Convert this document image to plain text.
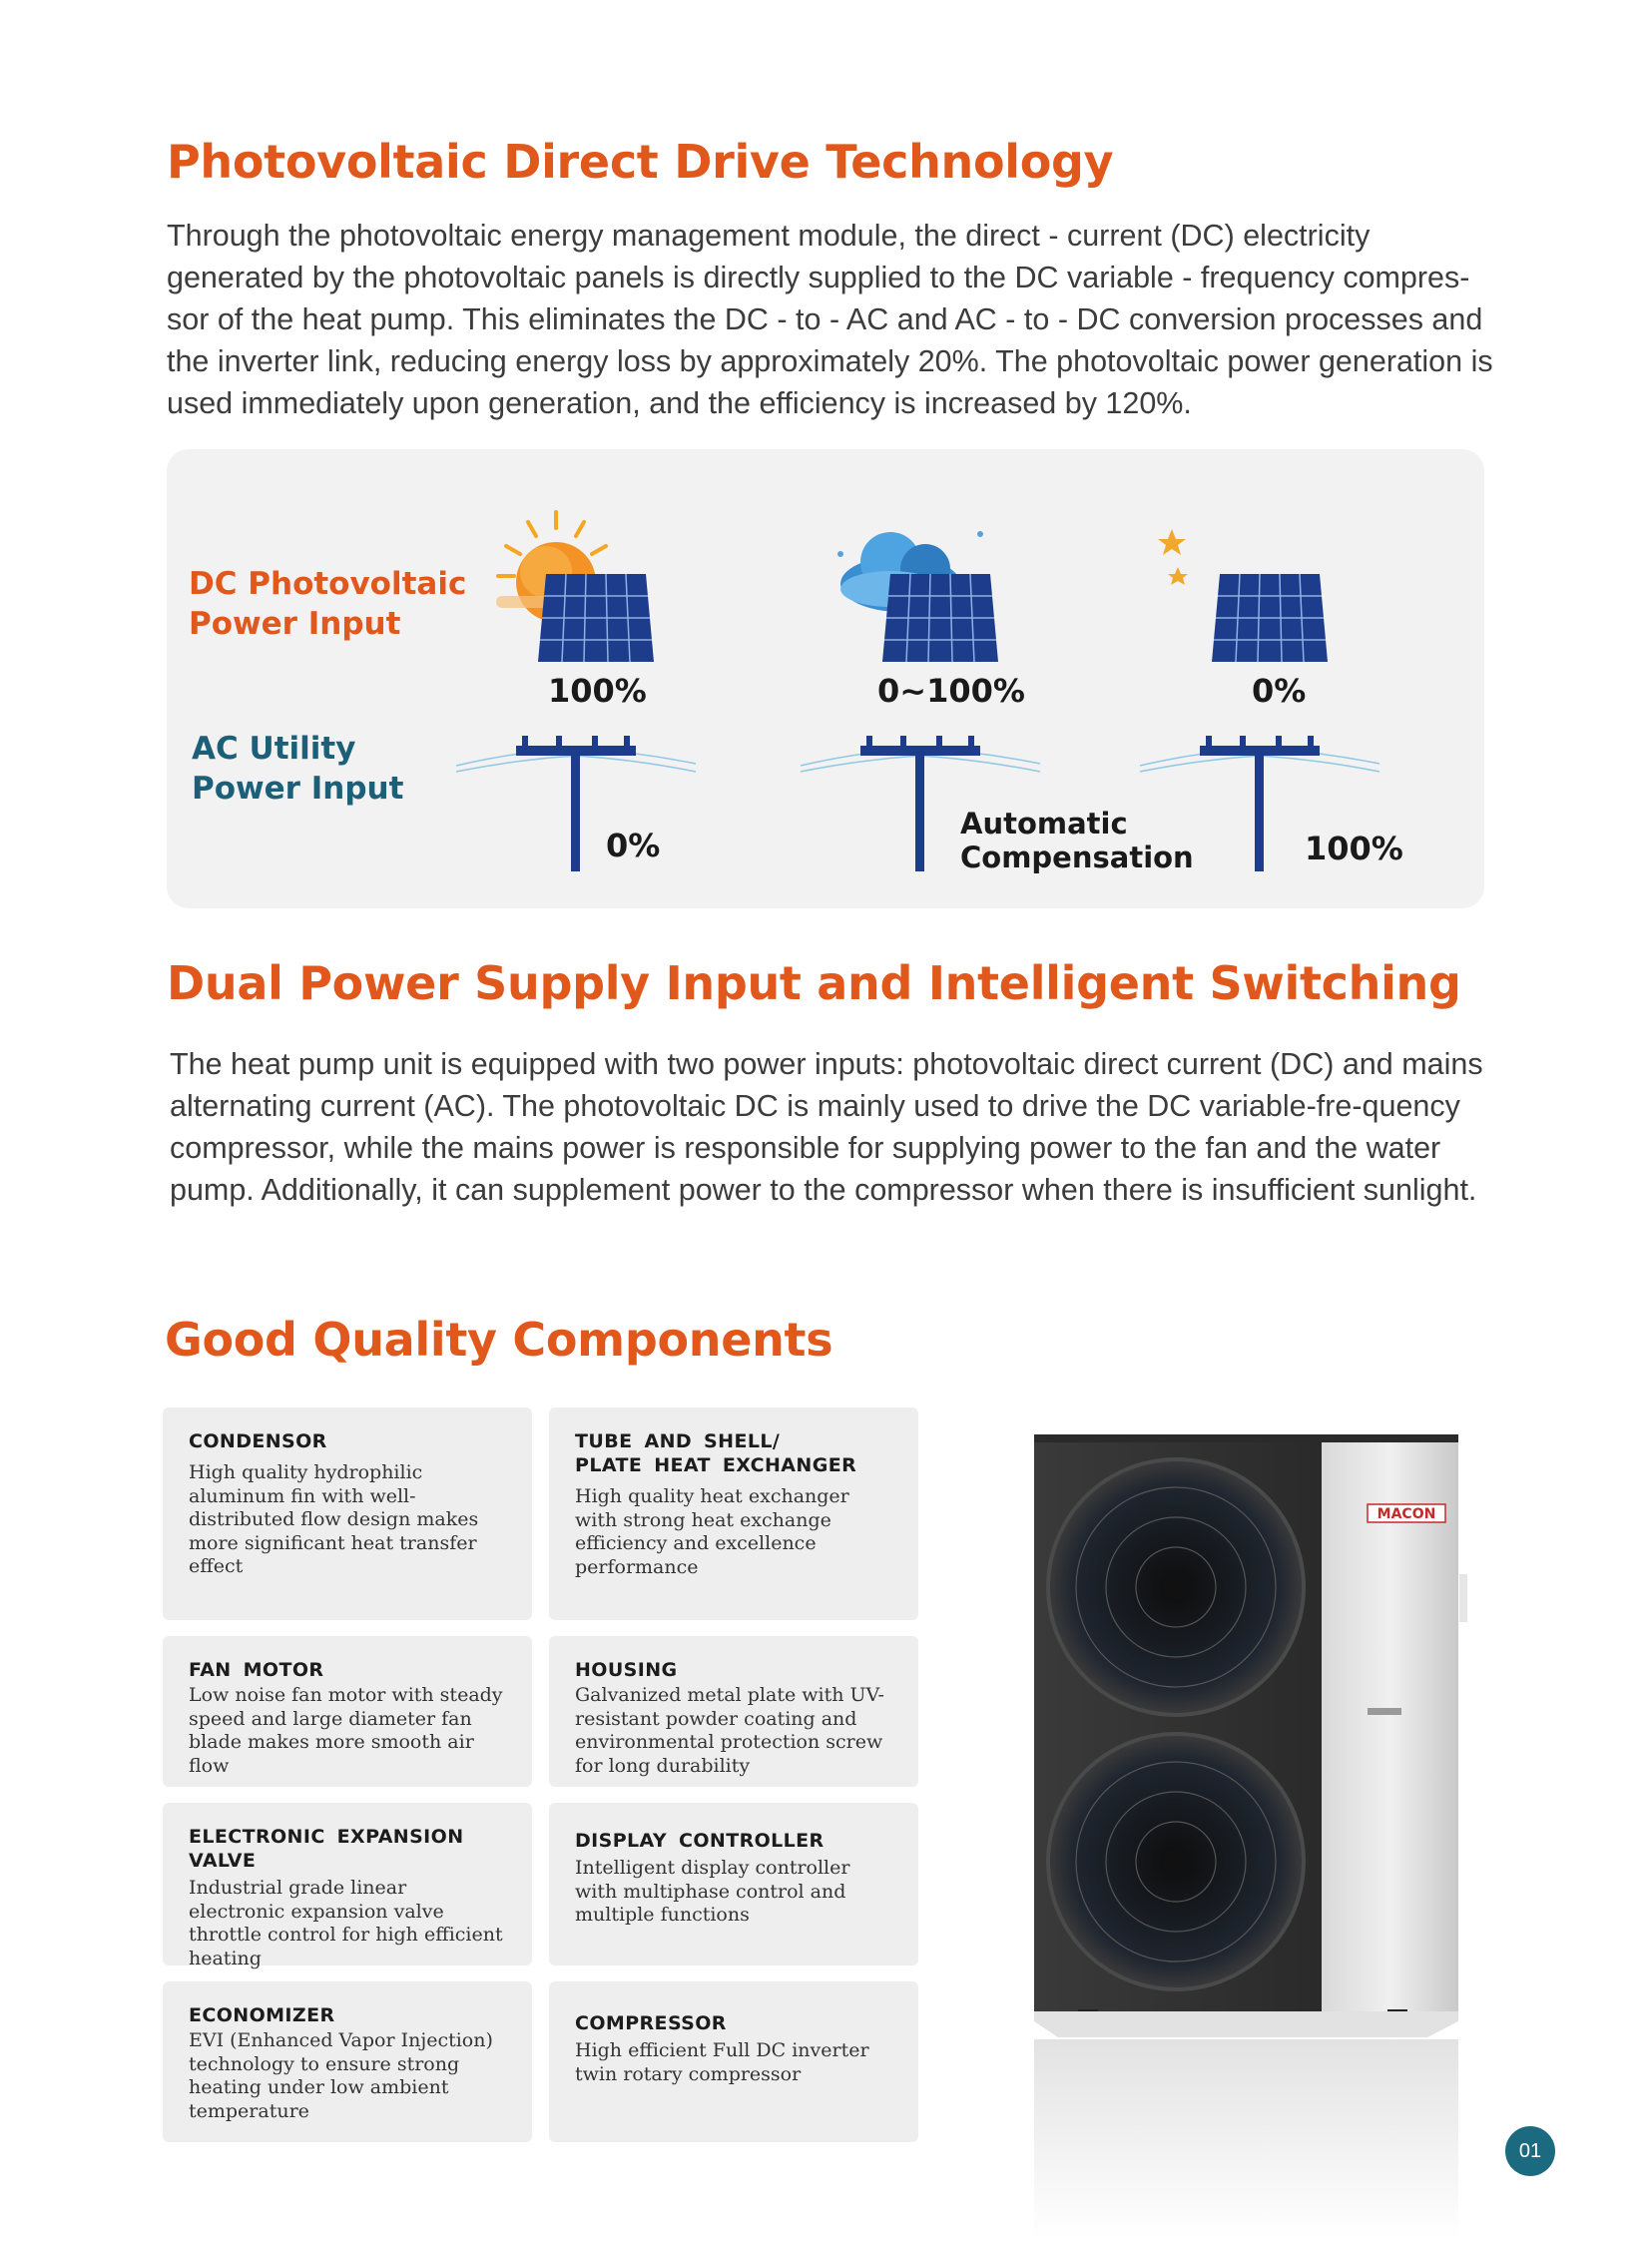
Photovoltaic Direct Drive Technology

Through the photovoltaic energy management module, the direct - current (DC) electricity generated by the photovoltaic panels is directly supplied to the DC variable - frequency compres-sor of the heat pump. This eliminates the DC - to - AC and AC - to - DC conversion processes and the inverter link, reducing energy loss by approximately 20%. The photovoltaic power generation is used immediately upon generation, and the efficiency is increased by 120%.

DC Photovoltaic
Power Input

AC Utility
Power Input

100%
0%
0~100%
Automatic
Compensation
0%
100%
Dual Power Supply Input and Intelligent Switching

The heat pump unit is equipped with two power inputs: photovoltaic direct current (DC) and mains alternating current (AC). The photovoltaic DC is mainly used to drive the DC variable-fre-quency compressor, while the mains power is responsible for supplying power to the fan and the water pump. Additionally, it can supplement power to the compressor when there is insufficient sunlight.

Good Quality Components
CONDENSOR
High quality hydrophilic aluminum fin with well-distributed flow design makes more significant heat transfer effect
TUBE AND SHELL/
PLATE HEAT EXCHANGER
High quality heat exchanger with strong heat exchange efficiency and excellence performance
FAN MOTOR
Low noise fan motor with steady speed and large diameter fan blade makes more smooth air flow
HOUSING
Galvanized metal plate with UV-resistant powder coating and environmental protection screw for long durability
ELECTRONIC EXPANSION VALVE
Industrial grade linear electronic expansion valve throttle control for high efficient heating
DISPLAY CONTROLLER
Intelligent display controller with multiphase control and multiple functions
ECONOMIZER
EVI (Enhanced Vapor Injection) technology to ensure strong heating under low ambient temperature
COMPRESSOR
High efficient Full DC inverter twin rotary compressor
MACON
01
